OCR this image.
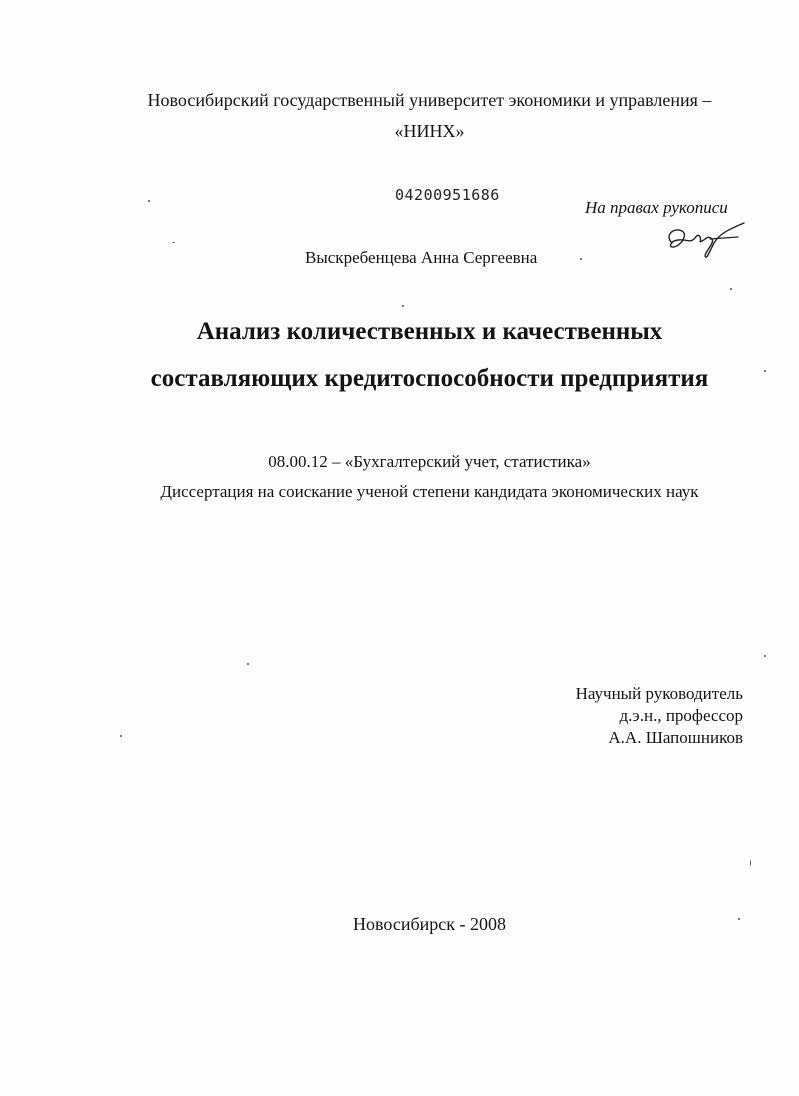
Новосибирский государственный университет экономики и управления –
«НИНХ»
04200951686
На правах рукописи
Выскребенцева Анна Сергеевна
Анализ количественных и качественных
составляющих кредитоспособности предприятия
08.00.12 – «Бухгалтерский учет, статистика»
Диссертация на соискание ученой степени кандидата экономических наук
Научный руководитель
д.э.н., профессор
А.А. Шапошников
Новосибирск - 2008
